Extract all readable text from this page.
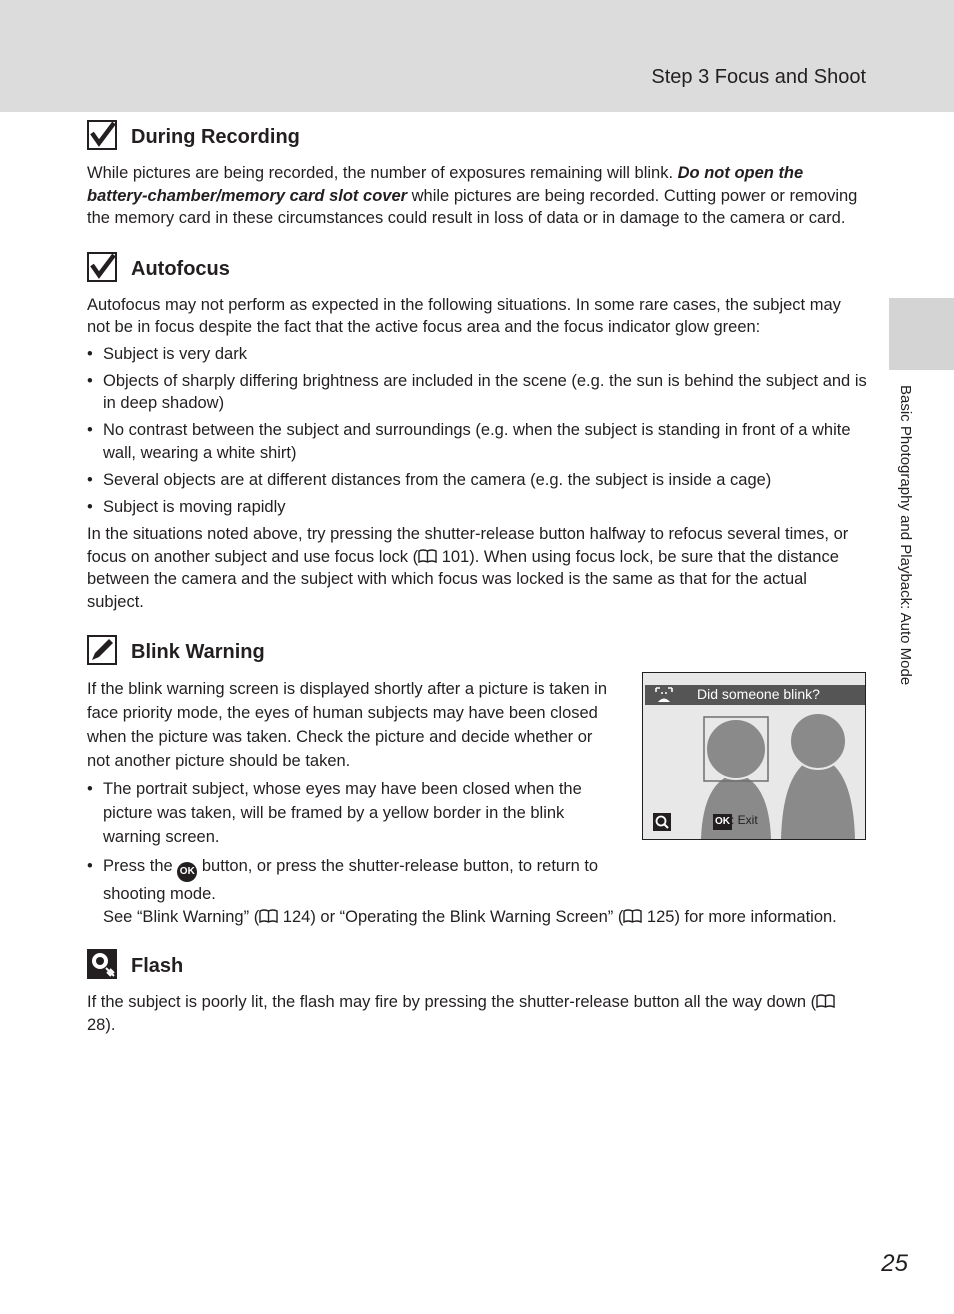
Step 3 Focus and Shoot
Basic Photography and Playback: Auto Mode
During Recording

While pictures are being recorded, the number of exposures remaining will blink. Do not open the battery-chamber/memory card slot cover while pictures are being recorded. Cutting power or removing the memory card in these circumstances could result in loss of data or in damage to the camera or card.

Autofocus

Autofocus may not perform as expected in the following situations. In some rare cases, the subject may not be in focus despite the fact that the active focus area and the focus indicator glow green:

• Subject is very dark
• Objects of sharply differing brightness are included in the scene (e.g. the sun is behind the subject and is in deep shadow)
• No contrast between the subject and surroundings (e.g. when the subject is standing in front of a white wall, wearing a white shirt)
• Several objects are at different distances from the camera (e.g. the subject is inside a cage)
• Subject is moving rapidly

In the situations noted above, try pressing the shutter-release button halfway to refocus several times, or focus on another subject and use focus lock ( 101). When using focus lock, be sure that the distance between the camera and the subject with which focus was locked is the same as that for the actual subject.

Blink Warning

If the blink warning screen is displayed shortly after a picture is taken in face priority mode, the eyes of human subjects may have been closed when the picture was taken. Check the picture and decide whether or not another picture should be taken.

• The portrait subject, whose eyes may have been closed when the picture was taken, will be framed by a yellow border in the blink warning screen.
• Press the OK button, or press the shutter-release button, to return to shooting mode.

See “Blink Warning” ( 124) or “Operating the Blink Warning Screen” ( 125) for more information.

Did someone blink?
OK : Exit
Flash

If the subject is poorly lit, the flash may fire by pressing the shutter-release button all the way down ( 28).

25
